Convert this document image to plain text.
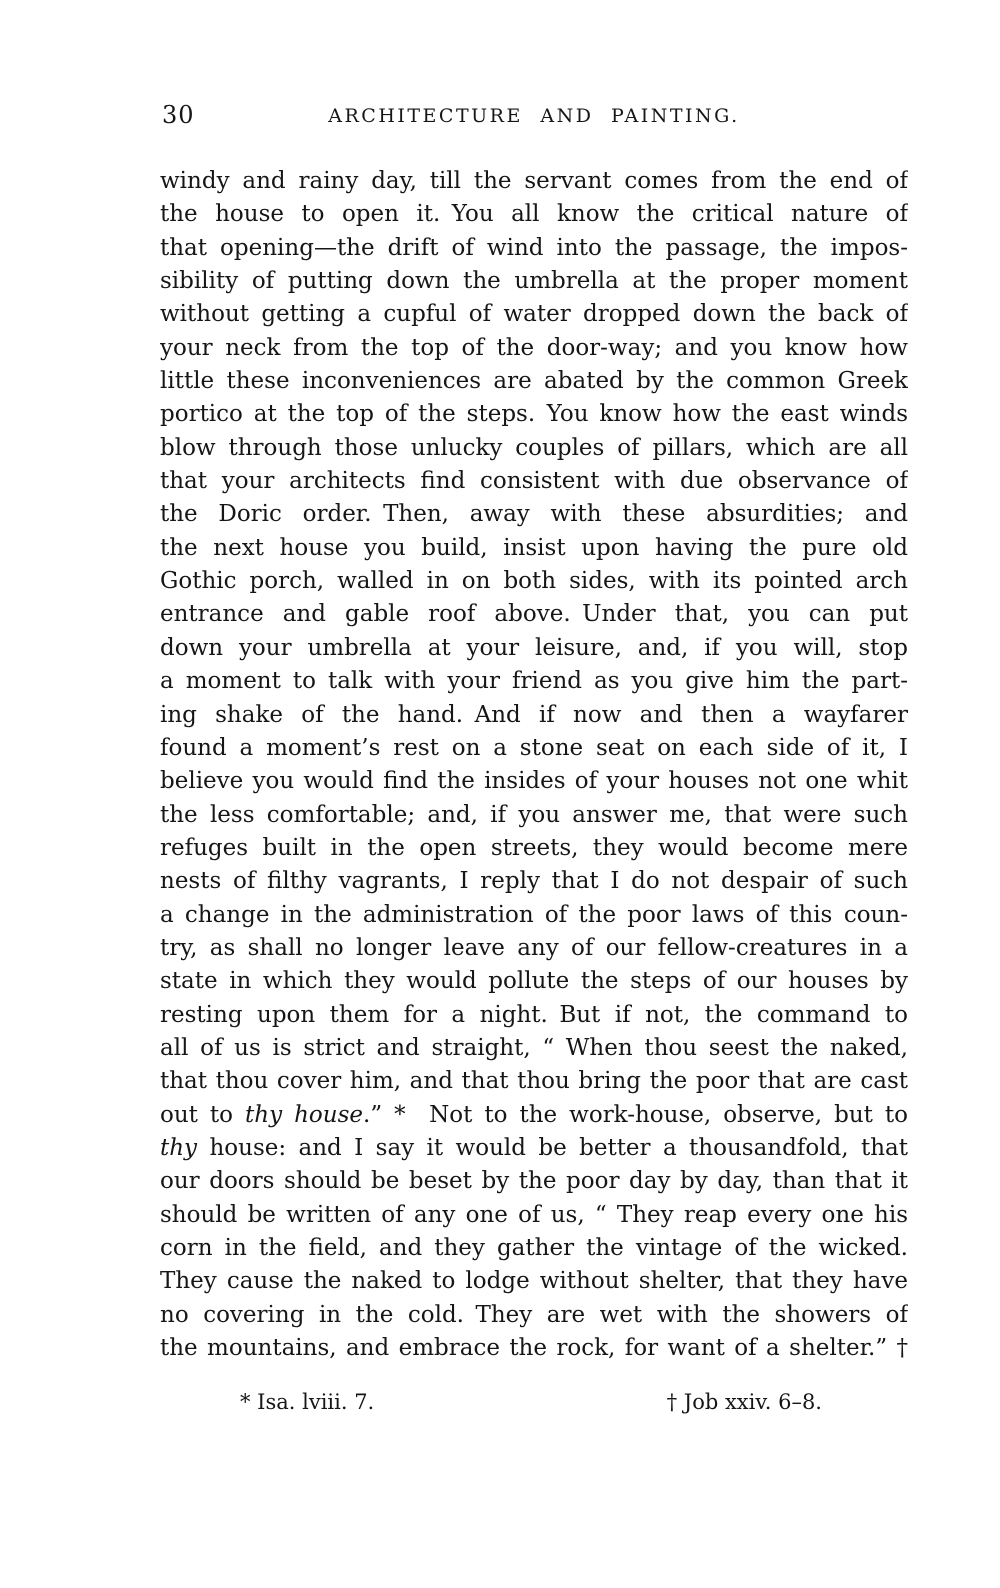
30	ARCHITECTURE AND PAINTING.
windy and rainy day, till the servant comes from the end of
the house to open it. You all know the critical nature of
that opening—the drift of wind into the passage, the impos-
sibility of putting down the umbrella at the proper moment
without getting a cupful of water dropped down the back of
your neck from the top of the door-way; and you know how
little these inconveniences are abated by the common Greek
portico at the top of the steps. You know how the east winds
blow through those unlucky couples of pillars, which are all
that your architects find consistent with due observance of
the Doric order. Then, away with these absurdities; and
the next house you build, insist upon having the pure old
Gothic porch, walled in on both sides, with its pointed arch
entrance and gable roof above. Under that, you can put
down your umbrella at your leisure, and, if you will, stop
a moment to talk with your friend as you give him the part-
ing shake of the hand. And if now and then a wayfarer
found a moment’s rest on a stone seat on each side of it, I
believe you would find the insides of your houses not one whit
the less comfortable; and, if you answer me, that were such
refuges built in the open streets, they would become mere
nests of filthy vagrants, I reply that I do not despair of such
a change in the administration of the poor laws of this coun-
try, as shall no longer leave any of our fellow-creatures in a
state in which they would pollute the steps of our houses by
resting upon them for a night. But if not, the command to
all of us is strict and straight, “ When thou seest the naked,
that thou cover him, and that thou bring the poor that are cast
out to thy house.” *  Not to the work-house, observe, but to
thy house: and I say it would be better a thousandfold, that
our doors should be beset by the poor day by day, than that it
should be written of any one of us, “ They reap every one his
corn in the field, and they gather the vintage of the wicked.
They cause the naked to lodge without shelter, that they have
no covering in the cold. They are wet with the showers of
the mountains, and embrace the rock, for want of a shelter.” †
* Isa. lviii. 7.	† Job xxiv. 6–8.
